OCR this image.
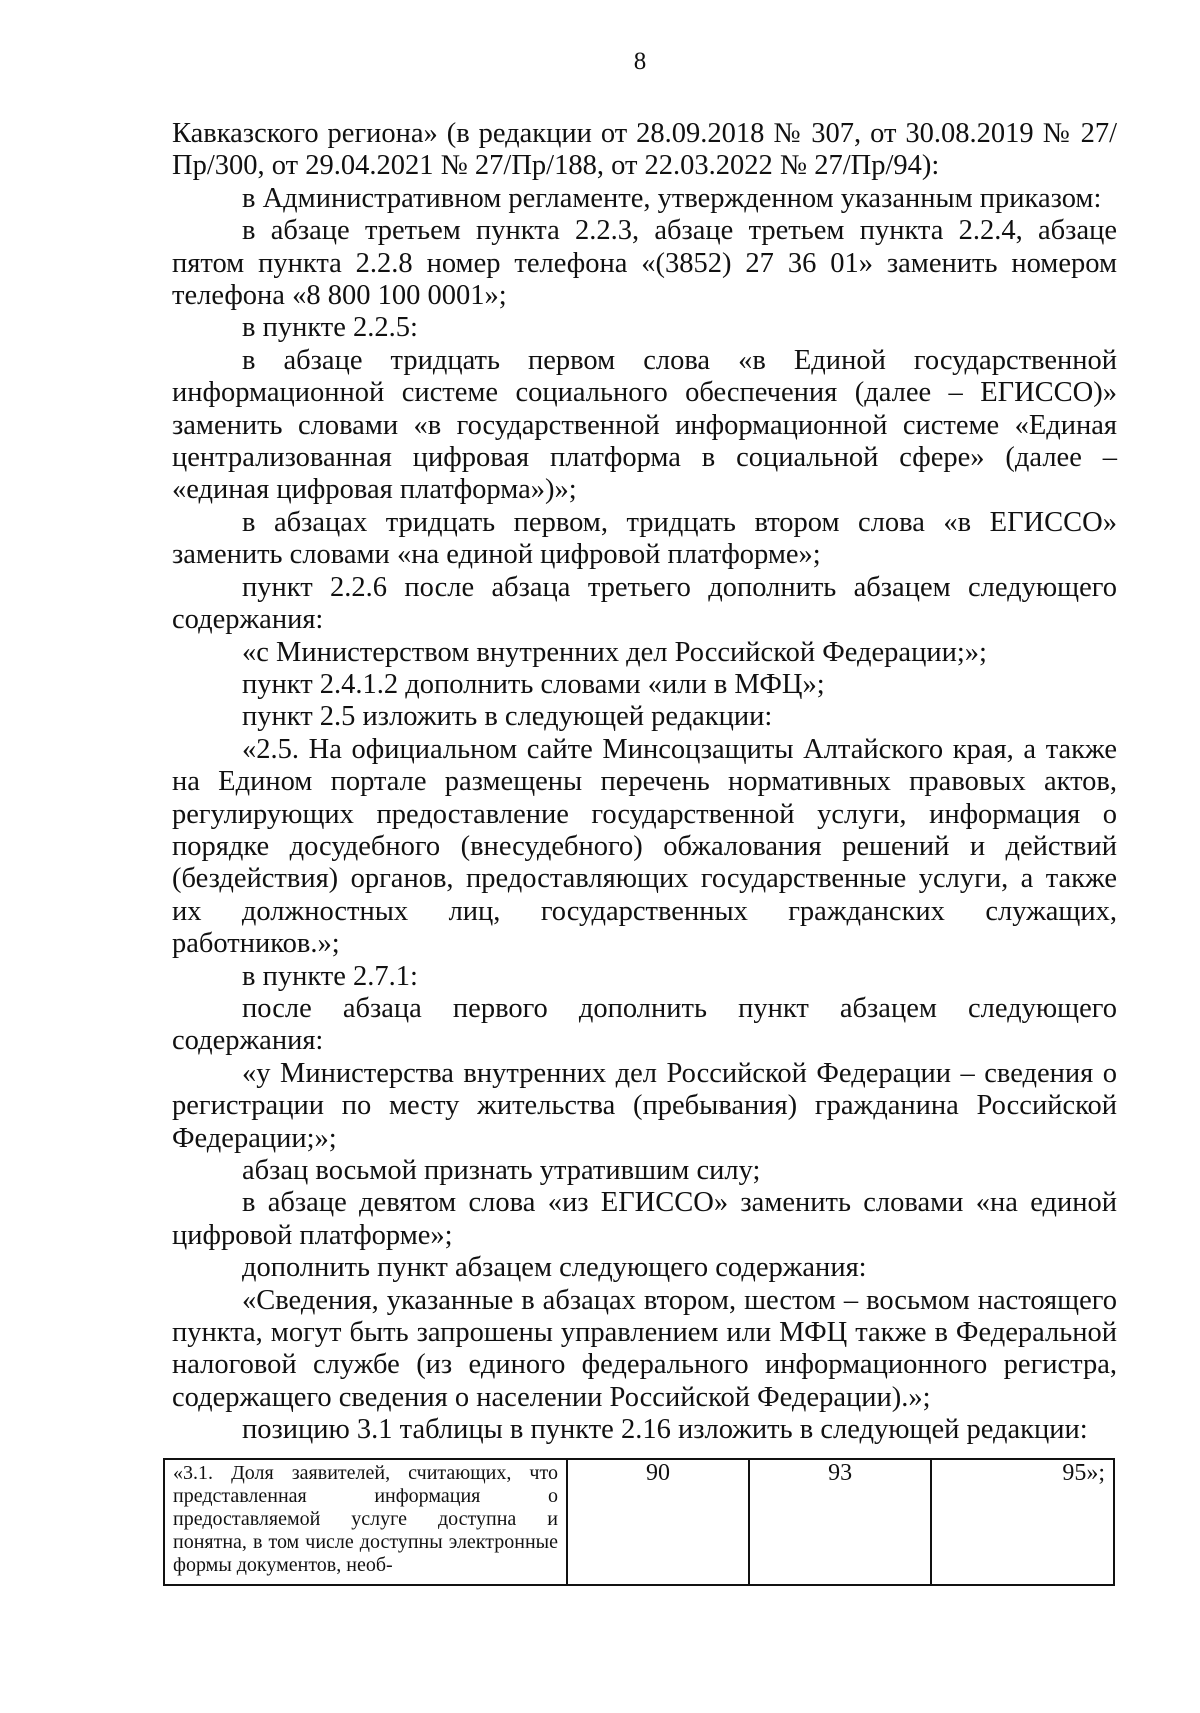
8

Кавказского региона» (в редакции от 28.09.2018 № 307, от 30.08.2019 № 27/Пр/300, от 29.04.2021 № 27/Пр/188, от 22.03.2022 № 27/Пр/94):

в Административном регламенте, утвержденном указанным приказом:

в абзаце третьем пункта 2.2.3, абзаце третьем пункта 2.2.4, абзаце пятом пункта 2.2.8 номер телефона «(3852) 27 36 01» заменить номером телефона «8 800 100 0001»;

в пункте 2.2.5:

в абзаце тридцать первом слова «в Единой государственной информационной системе социального обеспечения (далее – ЕГИССО)» заменить словами «в государственной информационной системе «Единая централизованная цифровая платформа в социальной сфере» (далее – «единая цифровая платформа»)»;

в абзацах тридцать первом, тридцать втором слова «в ЕГИССО» заменить словами «на единой цифровой платформе»;

пункт 2.2.6 после абзаца третьего дополнить абзацем следующего содержания:

«с Министерством внутренних дел Российской Федерации;»;

пункт 2.4.1.2 дополнить словами «или в МФЦ»;

пункт 2.5 изложить в следующей редакции:

«2.5. На официальном сайте Минсоцзащиты Алтайского края, а также на Едином портале размещены перечень нормативных правовых актов, регулирующих предоставление государственной услуги, информация о порядке досудебного (внесудебного) обжалования решений и действий (бездействия) органов, предоставляющих государственные услуги, а также их должностных лиц, государственных гражданских служащих, работников.»;

в пункте 2.7.1:

после абзаца первого дополнить пункт абзацем следующего содержания:

«у Министерства внутренних дел Российской Федерации – сведения о регистрации по месту жительства (пребывания) гражданина Российской Федерации;»;

абзац восьмой признать утратившим силу;

в абзаце девятом слова «из ЕГИССО» заменить словами «на единой цифровой платформе»;

дополнить пункт абзацем следующего содержания:

«Сведения, указанные в абзацах втором, шестом – восьмом настоящего пункта, могут быть запрошены управлением или МФЦ также в Федеральной налоговой службе (из единого федерального информационного регистра, содержащего сведения о населении Российской Федерации).»;

позицию 3.1 таблицы в пункте 2.16 изложить в следующей редакции:

«3.1. Доля заявителей, считающих, что представленная информация о предоставляемой услуге доступна и понятна, в том числе доступны электронные формы документов, необ-	90	93	95»;
